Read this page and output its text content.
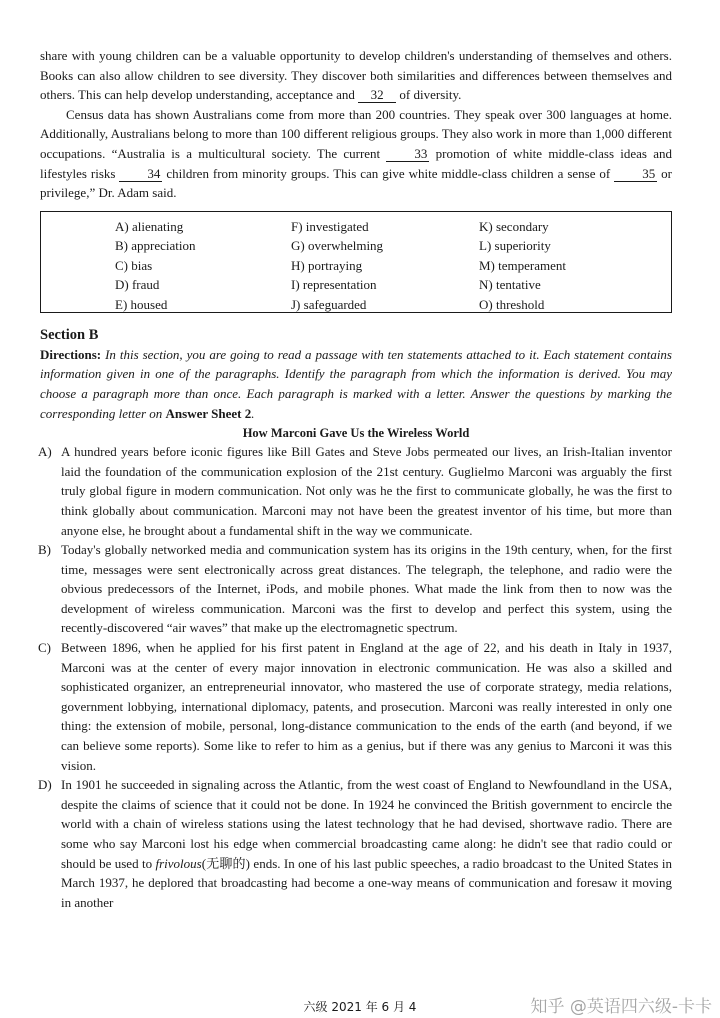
share with young children can be a valuable opportunity to develop children's understanding of themselves and others. Books can also allow children to see diversity. They discover both similarities and differences between themselves and others. This can help develop understanding, acceptance and 32 of diversity.

Census data has shown Australians come from more than 200 countries. They speak over 300 languages at home. Additionally, Australians belong to more than 100 different religious groups. They also work in more than 1,000 different occupations. “Australia is a multicultural society. The current 33 promotion of white middle-class ideas and lifestyles risks 34 children from minority groups. This can give white middle-class children a sense of 35 or privilege,” Dr. Adam said.

A) alienating
B) appreciation
C) bias
D) fraud
E) housed
F) investigated
G) overwhelming
H) portraying
I) representation
J) safeguarded
K) secondary
L) superiority
M) temperament
N) tentative
O) threshold
Section B

Directions: In this section, you are going to read a passage with ten statements attached to it. Each statement contains information given in one of the paragraphs. Identify the paragraph from which the information is derived. You may choose a paragraph more than once. Each paragraph is marked with a letter. Answer the questions by marking the corresponding letter on Answer Sheet 2.

How Marconi Gave Us the Wireless World
A) A hundred years before iconic figures like Bill Gates and Steve Jobs permeated our lives, an Irish-Italian inventor laid the foundation of the communication explosion of the 21st century. Guglielmo Marconi was arguably the first truly global figure in modern communication. Not only was he the first to communicate globally, he was the first to think globally about communication. Marconi may not have been the greatest inventor of his time, but more than anyone else, he brought about a fundamental shift in the way we communicate.
B) Today's globally networked media and communication system has its origins in the 19th century, when, for the first time, messages were sent electronically across great distances. The telegraph, the telephone, and radio were the obvious predecessors of the Internet, iPods, and mobile phones. What made the link from then to now was the development of wireless communication. Marconi was the first to develop and perfect this system, using the recently-discovered “air waves” that make up the electromagnetic spectrum.
C) Between 1896, when he applied for his first patent in England at the age of 22, and his death in Italy in 1937, Marconi was at the center of every major innovation in electronic communication. He was also a skilled and sophisticated organizer, an entrepreneurial innovator, who mastered the use of corporate strategy, media relations, government lobbying, international diplomacy, patents, and prosecution. Marconi was really interested in only one thing: the extension of mobile, personal, long-distance communication to the ends of the earth (and beyond, if we can believe some reports). Some like to refer to him as a genius, but if there was any genius to Marconi it was this vision.
D) In 1901 he succeeded in signaling across the Atlantic, from the west coast of England to Newfoundland in the USA, despite the claims of science that it could not be done. In 1924 he convinced the British government to encircle the world with a chain of wireless stations using the latest technology that he had devised, shortwave radio. There are some who say Marconi lost his edge when commercial broadcasting came along: he didn't see that radio could or should be used to frivolous(无聊的) ends. In one of his last public speeches, a radio broadcast to the United States in March 1937, he deplored that broadcasting had become a one-way means of communication and foresaw it moving in another
六级 2021 年 6 月 4	知乎 @英语四六级-卡卡
